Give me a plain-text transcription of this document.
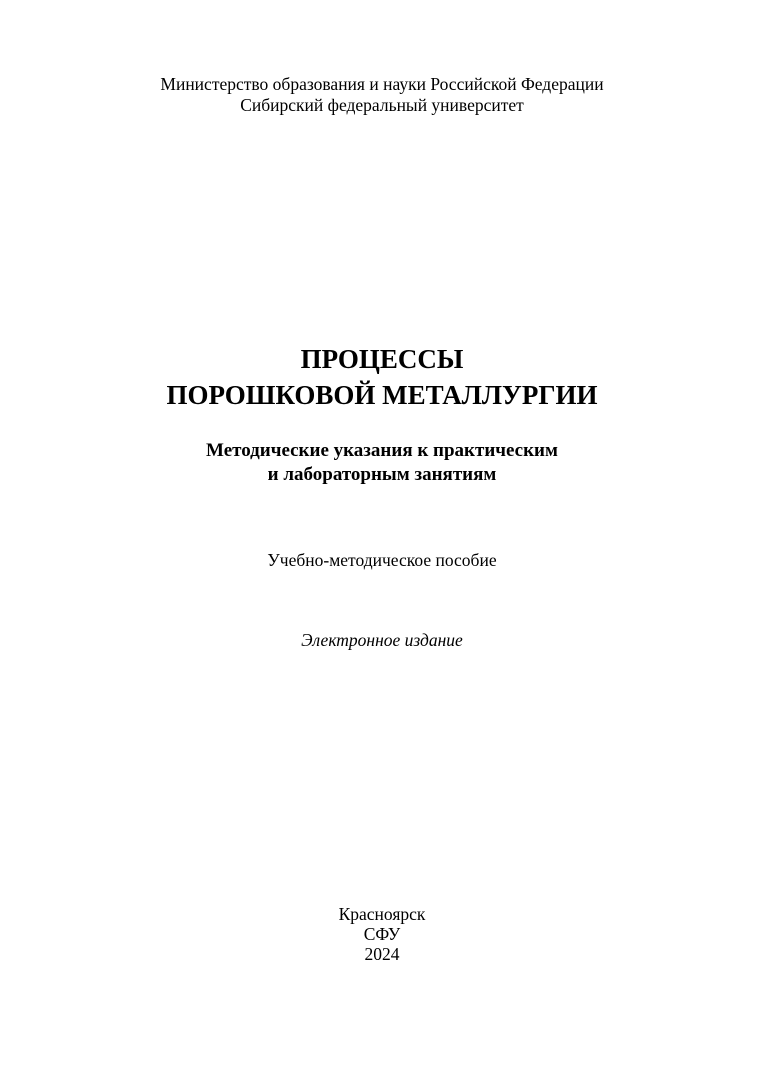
Министерство образования и науки Российской Федерации
Сибирский федеральный университет
ПРОЦЕССЫ
ПОРОШКОВОЙ МЕТАЛЛУРГИИ
Методические указания к практическим
и лабораторным занятиям
Учебно-методическое пособие
Электронное издание
Красноярск
СФУ
2024
